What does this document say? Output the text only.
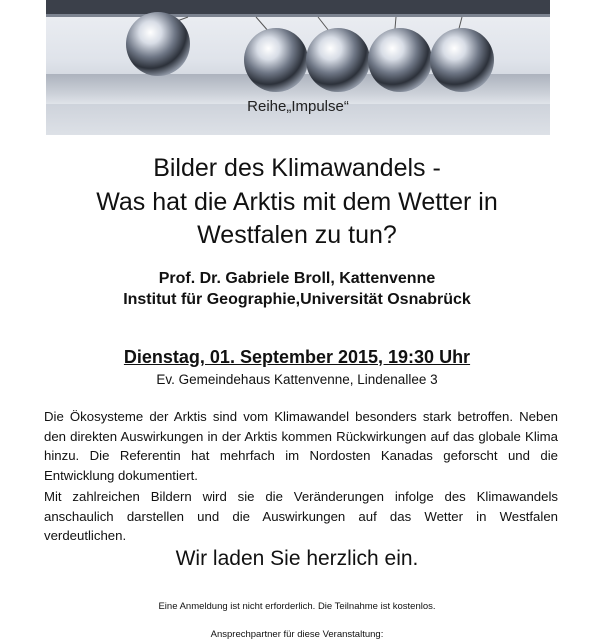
Reihe„Impulse“
Bilder des Klimawandels -
Was hat die Arktis mit dem Wetter in
Westfalen zu tun?
Prof. Dr. Gabriele Broll, Kattenvenne
Institut für Geographie,Universität Osnabrück
Dienstag, 01. September 2015, 19:30 Uhr
Ev. Gemeindehaus Kattenvenne, Lindenallee 3
Die Ökosysteme der Arktis sind vom Klimawandel besonders stark betroffen. Neben den direkten Auswirkungen in der Arktis kommen Rückwirkungen auf das globale Klima hinzu. Die Referentin hat mehrfach im Nordosten Kanadas geforscht und die Entwicklung dokumentiert.
Mit zahlreichen Bildern wird sie die Veränderungen infolge des Klimawandels anschaulich darstellen und die Auswirkungen auf das Wetter in Westfalen verdeutlichen.
Wir laden Sie herzlich ein.
Eine Anmeldung ist nicht erforderlich. Die Teilnahme ist kostenlos.
Ansprechpartner für diese Veranstaltung:
